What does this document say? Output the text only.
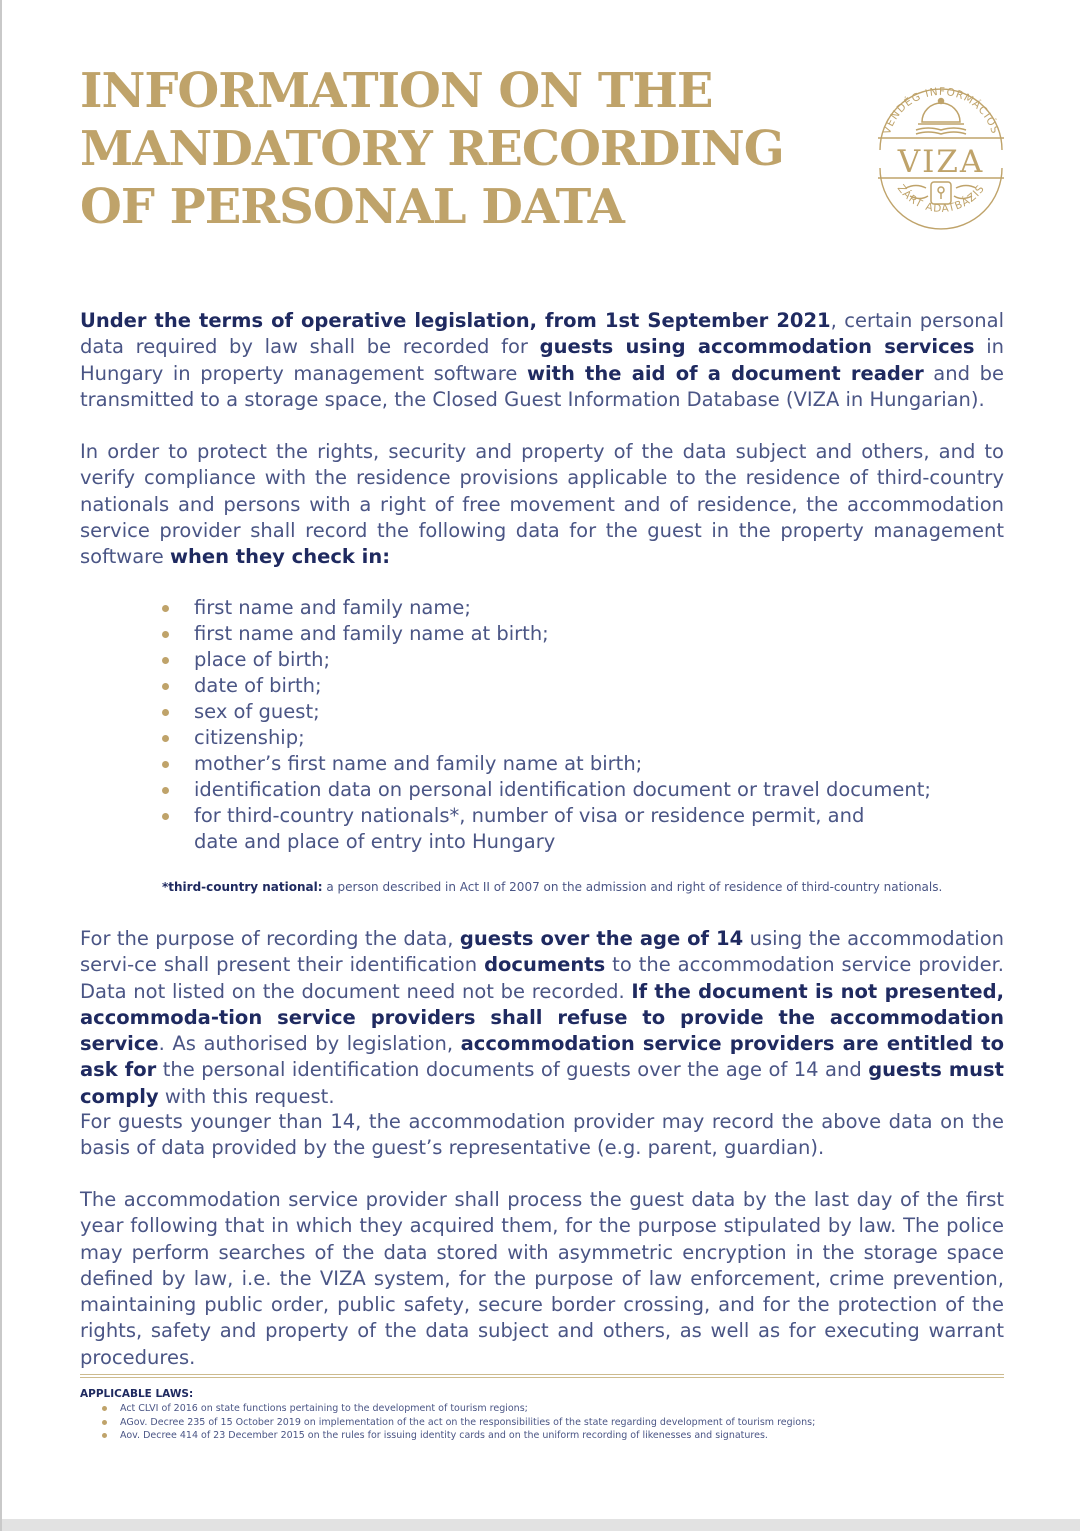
INFORMATION ON THE
MANDATORY RECORDING
OF PERSONAL DATA
VENDÉG INFORMÁCIÓS
VIZA
ZÁRT ADATBÁZIS

Under the terms of operative legislation, from 1st September 2021, certain personal data required by law shall be recorded for guests using accommodation services in Hungary in property management software with the aid of a document reader and be transmitted to a storage space, the Closed Guest Information Database (VIZA in Hungarian).

In order to protect the rights, security and property of the data subject and others, and to verify compliance with the residence provisions applicable to the residence of third-country nationals and persons with a right of free movement and of residence, the accommodation service provider shall record the following data for the guest in the property management software when they check in:

first name and family name;
first name and family name at birth;
place of birth;
date of birth;
sex of guest;
citizenship;
mother’s first name and family name at birth;
identification data on personal identification document or travel document;
for third-country nationals*, number of visa or residence permit, and date and place of entry into Hungary
*third-country national: a person described in Act II of 2007 on the admission and right of residence of third-country nationals.

For the purpose of recording the data, guests over the age of 14 using the accommodation servi-ce shall present their identification documents to the accommodation service provider. Data not listed on the document need not be recorded. If the document is not presented, accommoda-tion service providers shall refuse to provide the accommodation service. As authorised by legislation, accommodation service providers are entitled to ask for the personal identification documents of guests over the age of 14 and guests must comply with this request.

For guests younger than 14, the accommodation provider may record the above data on the basis of data provided by the guest’s representative (e.g. parent, guardian).

The accommodation service provider shall process the guest data by the last day of the first year following that in which they acquired them, for the purpose stipulated by law. The police may perform searches of the data stored with asymmetric encryption in the storage space defined by law, i.e. the VIZA system, for the purpose of law enforcement, crime prevention, maintaining public order, public safety, secure border crossing, and for the protection of the rights, safety and property of the data subject and others, as well as for executing warrant procedures.

APPLICABLE LAWS:
Act CLVI of 2016 on state functions pertaining to the development of tourism regions;
AGov. Decree 235 of 15 October 2019 on implementation of the act on the responsibilities of the state regarding development of tourism regions;
Aov. Decree 414 of 23 December 2015 on the rules for issuing identity cards and on the uniform recording of likenesses and signatures.
